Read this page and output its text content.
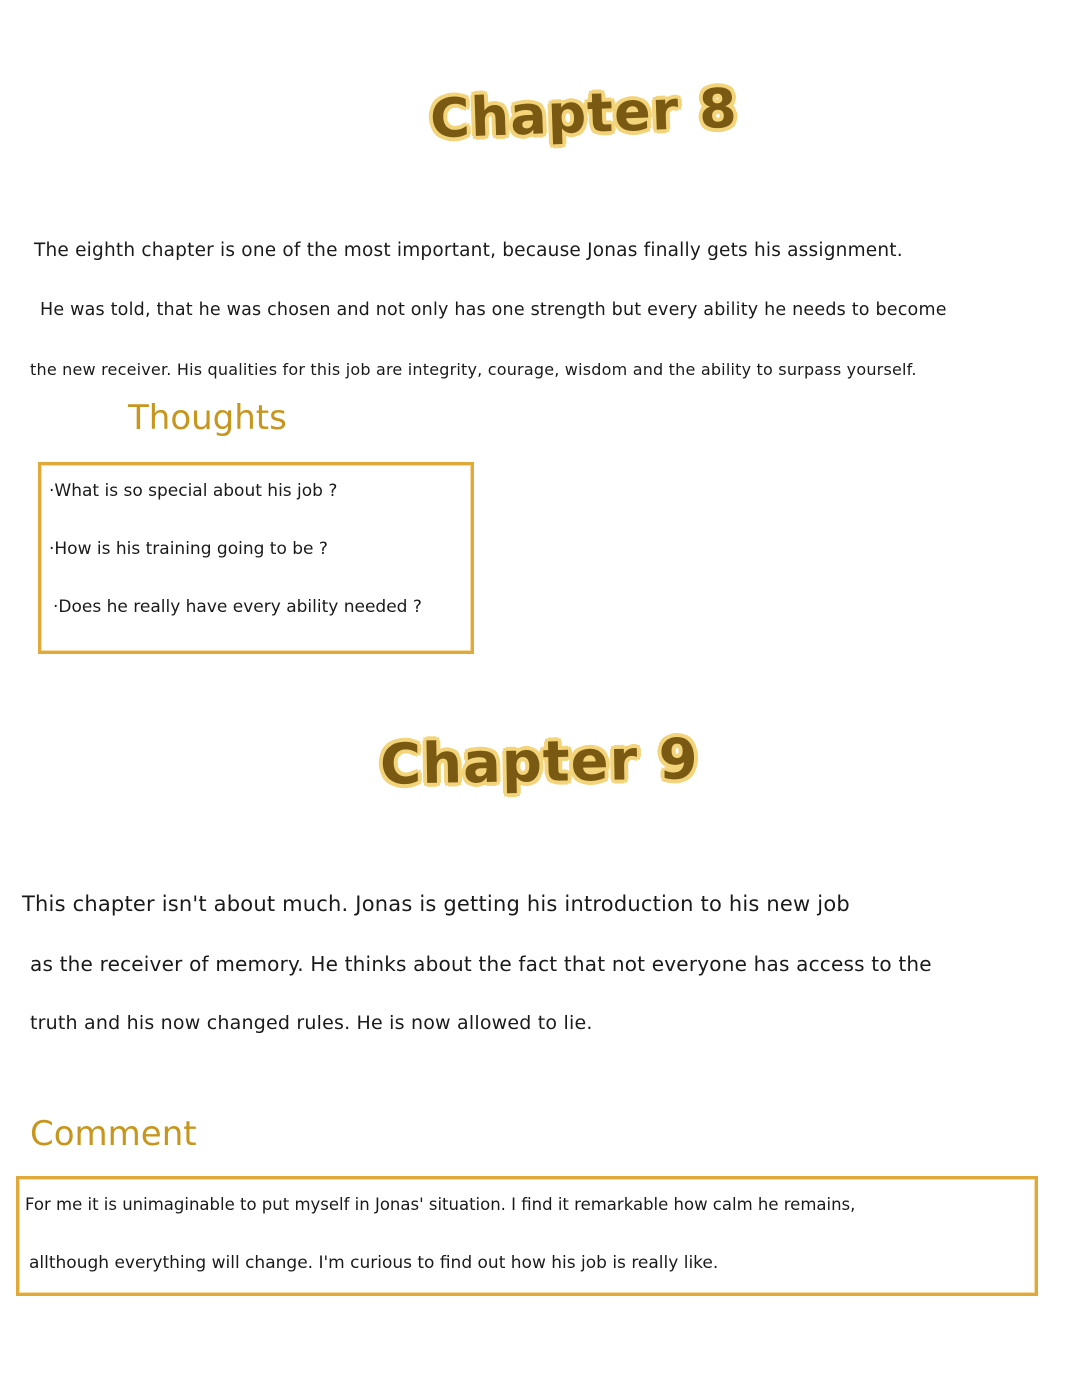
Chapter 8
The eighth chapter is one of the most important, because Jonas finally gets his assignment.
He was told, that he was chosen and not only has one strength but every ability he needs to become
the new receiver. His qualities for this job are integrity, courage, wisdom and the ability to surpass yourself.
Thoughts
·What is so special about his job ?
·How is his training going to be ?
·Does he really have every ability needed ?
Chapter 9
This chapter isn't about much. Jonas is getting his introduction to his new job
as the receiver of memory. He thinks about the fact that not everyone has access to the
truth and his now changed rules. He is now allowed to lie.
Comment
For me it is unimaginable to put myself in Jonas' situation. I find it remarkable how calm he remains,
allthough everything will change. I'm curious to find out how his job is really like.
